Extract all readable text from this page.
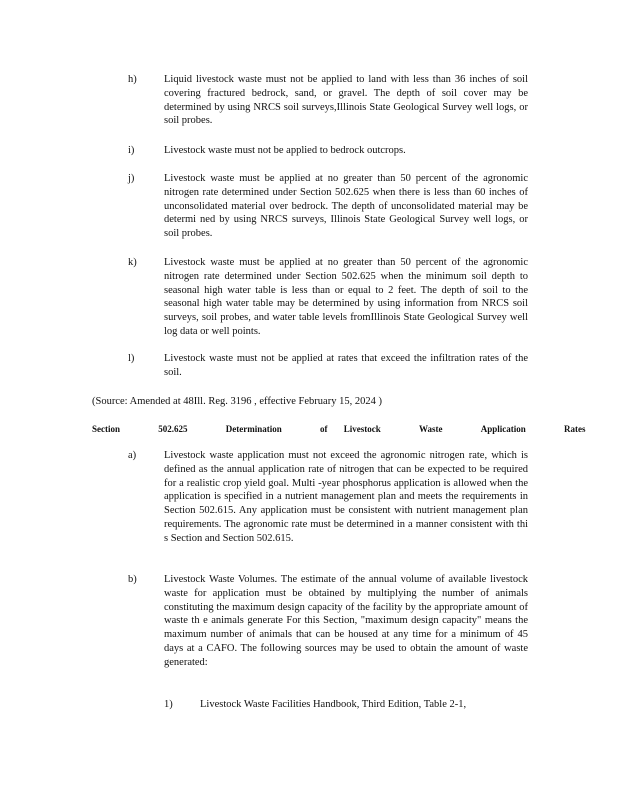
h)	Liquid livestock waste must not be applied to land with less than 36 inches of soil covering fractured bedrock, sand, or gravel. The depth of soil cover may be determined by using NRCS soil surveys,Illinois State Geological Survey well logs, or soil probes.
i)	Livestock waste must not be applied to bedrock outcrops.
j)	Livestock waste must be applied at no greater than 50 percent of the agronomic nitrogen rate determined under Section 502.625 when there is less than 60 inches of unconsolidated material over bedrock. The depth of unconsolidated material may be determi ned by using NRCS surveys, Illinois State Geological Survey well logs, or soil probes.
k)	Livestock waste must be applied at no greater than 50 percent of the agronomic nitrogen rate determined under Section 502.625 when the minimum soil depth to seasonal high water table is less than or equal to 2 feet. The depth of soil to the seasonal high water table may be determined by using information from NRCS soil surveys, soil probes, and water table levels fromIllinois State Geological Survey well log data or well points.
l)	Livestock waste must not be applied at rates that exceed the infiltration rates of the soil.
(Source: Amended at 48Ill. Reg. 3196 , effective February 15, 2024 )
Section	502.625	Determination	of Livestock	Waste	Application	Rates
a)	Livestock waste application must not exceed the agronomic nitrogen rate, which is defined as the annual application rate of nitrogen that can be expected to be required for a realistic crop yield goal. Multi -year phosphorus application is allowed when the application is specified in a nutrient management plan and meets the requirements in Section 502.615. Any application must be consistent with nutrient management plan requirements. The agronomic rate must be determined in a manner consistent with thi s Section and Section 502.615.
b)	Livestock Waste Volumes. The estimate of the annual volume of available livestock waste for application must be obtained by multiplying the number of animals constituting the maximum design capacity of the facility by the appropriate amount of waste th e animals generate For this Section, "maximum design capacity" means the maximum number of animals that can be housed at any time for a minimum of 45 days at a CAFO. The following sources may be used to obtain the amount of waste generated:
1)	Livestock Waste Facilities Handbook, Third Edition, Table 2-1,
